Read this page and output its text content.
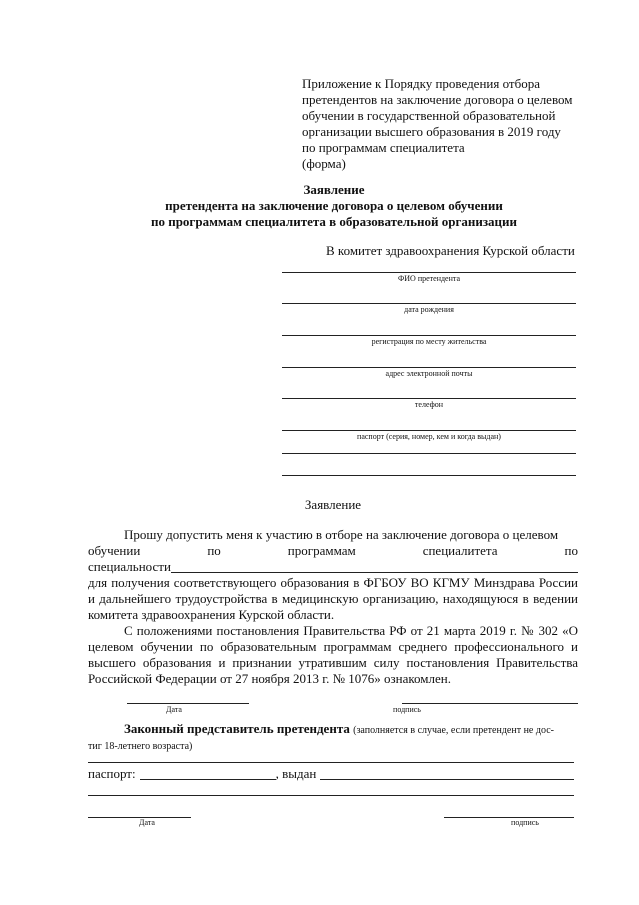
Приложение к Порядку проведения отбора
претендентов на заключение договора о целевом
обучении в государственной образовательной
организации высшего образования в 2019 году
по программам специалитета
(форма)
Заявление
претендента на заключение договора о целевом обучении
по программам специалитета в образовательной организации
В комитет здравоохранения Курской области
ФИО претендента
дата рождения
регистрация по месту жительства
адрес электронной почты
телефон
паспорт (серия, номер, кем и когда выдан)
Заявление
Прошу допустить меня к участию в отборе на заключение договора о целевом
обучении	по	программам	специалитета	по
специальности
для получения соответствующего образования в ФГБОУ ВО КГМУ Минздрава России и дальнейшего трудоустройства в медицинскую организацию, находящуюся в ведении комитета здравоохранения Курской области.
С положениями постановления Правительства РФ от 21 марта 2019 г. № 302 «О целевом обучении по образовательным программам среднего профессионального и высшего образования и признании утратившим силу постановления Правительства Российской Федерации от 27 ноября 2013 г. № 1076» ознакомлен.
Дата	подпись
Законный представитель претендента (заполняется в случае, если претендент не дос-
тиг 18-летнего возраста)
паспорт:	, выдан
Дата	подпись
